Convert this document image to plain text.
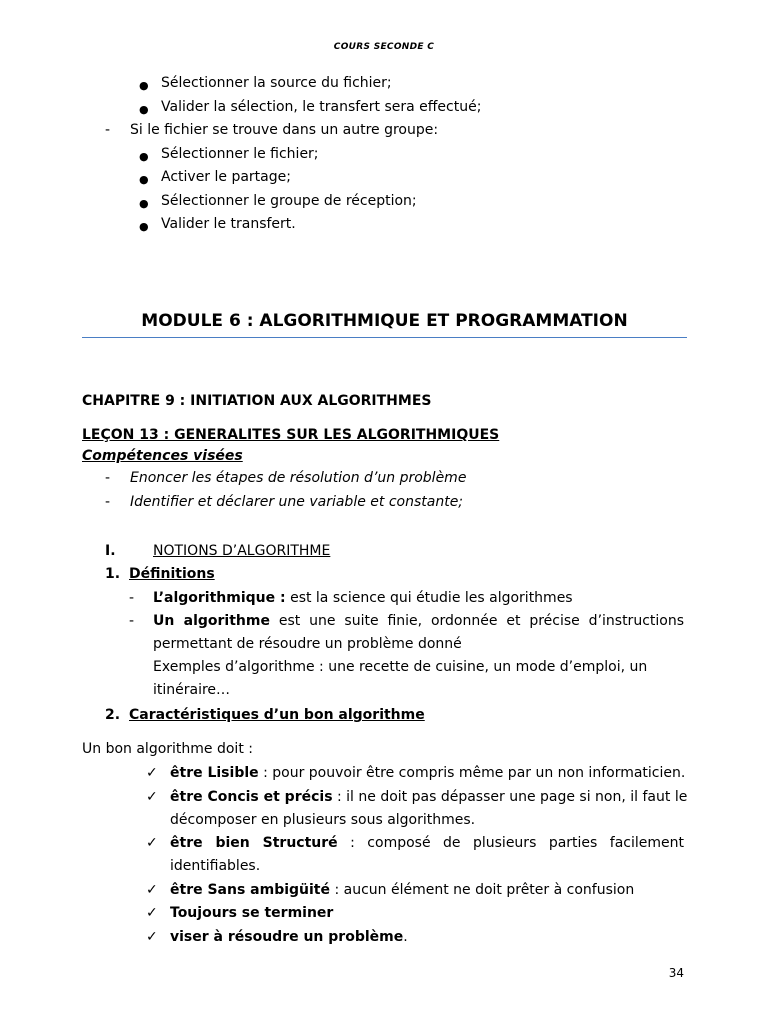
COURS SECONDE C
● Sélectionner la source du fichier;
● Valider la sélection, le transfert sera effectué;
- Si le fichier se trouve dans un autre groupe:
● Sélectionner le fichier;
● Activer le partage;
● Sélectionner le groupe de réception;
● Valider le transfert.
MODULE 6 : ALGORITHMIQUE ET PROGRAMMATION
CHAPITRE 9 : INITIATION AUX ALGORITHMES
LEÇON 13 : GENERALITES SUR LES ALGORITHMIQUES
Compétences visées
- Enoncer les étapes de résolution d’un problème
- Identifier et déclarer une variable et constante;
I.	NOTIONS D’ALGORITHME
1. Définitions
- L’algorithmique : est la science qui étudie les algorithmes
- Un algorithme est une suite finie, ordonnée et précise d’instructions
permettant de résoudre un problème donné
Exemples d’algorithme : une recette de cuisine, un mode d’emploi, un
itinéraire…
2. Caractéristiques d’un bon algorithme
Un bon algorithme doit :
✓ être Lisible : pour pouvoir être compris même par un non informaticien.
✓ être Concis et précis : il ne doit pas dépasser une page si non, il faut le
décomposer en plusieurs sous algorithmes.
✓ être bien Structuré : composé de plusieurs parties facilement
identifiables.
✓ être Sans ambigüité : aucun élément ne doit prêter à confusion
✓ Toujours se terminer
✓ viser à résoudre un problème.
34
